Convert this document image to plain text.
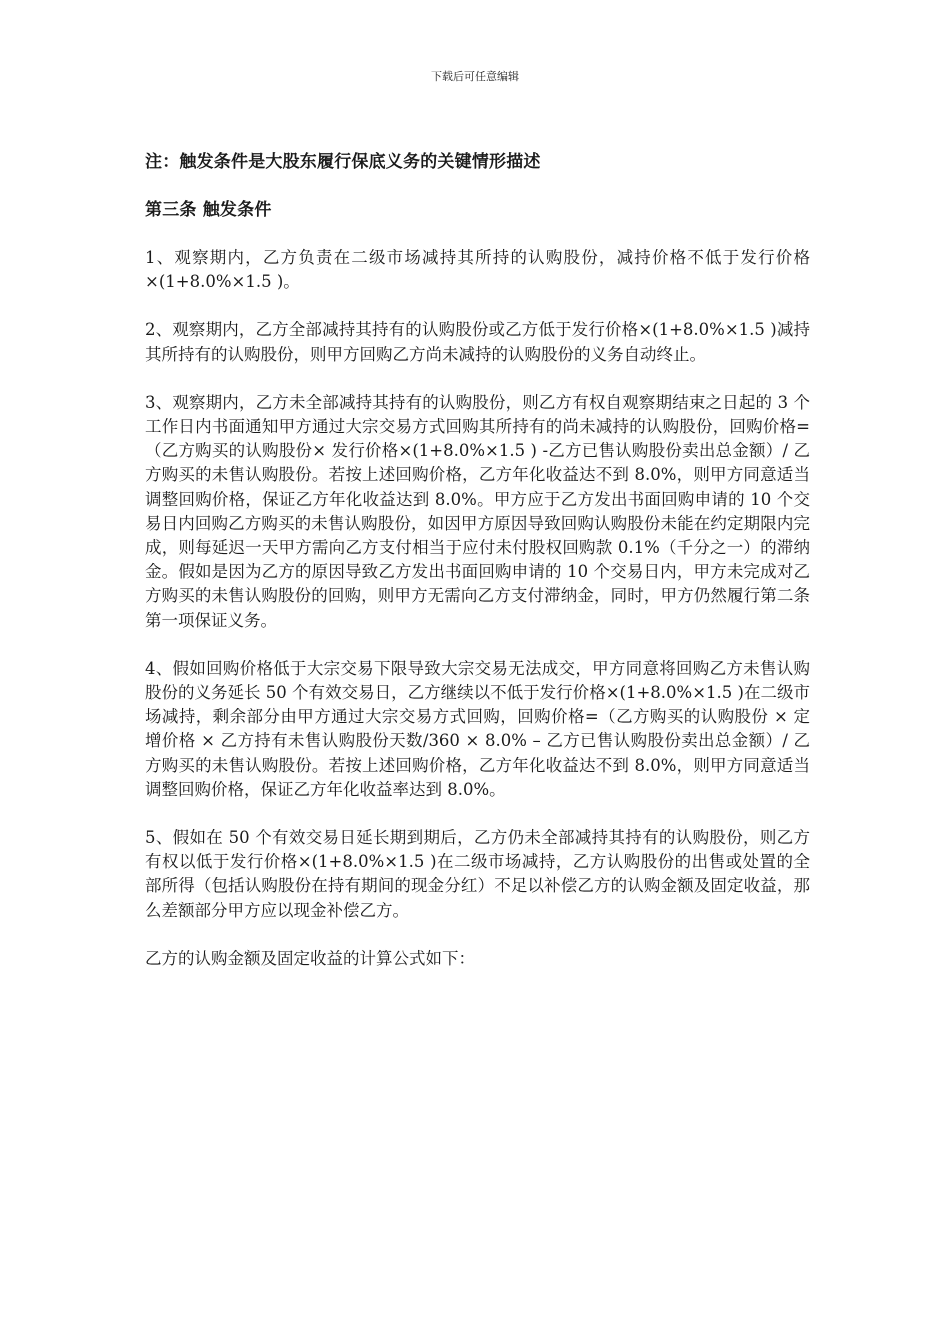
下载后可任意编辑
注：触发条件是大股东履行保底义务的关键情形描述
第三条 触发条件

1、观察期内，乙方负责在二级市场减持其所持的认购股份，减持价格不低于发行价格×(1+8.0%×1.5 )。

2、观察期内，乙方全部减持其持有的认购股份或乙方低于发行价格×(1+8.0%×1.5 )减持其所持有的认购股份，则甲方回购乙方尚未减持的认购股份的义务自动终止。

3、观察期内，乙方未全部减持其持有的认购股份，则乙方有权自观察期结束之日起的 3 个工作日内书面通知甲方通过大宗交易方式回购其所持有的尚未减持的认购股份，回购价格=（乙方购买的认购股份× 发行价格×(1+8.0%×1.5 ) -乙方已售认购股份卖出总金额）/ 乙方购买的未售认购股份。若按上述回购价格，乙方年化收益达不到 8.0%，则甲方同意适当调整回购价格，保证乙方年化收益达到 8.0%。甲方应于乙方发出书面回购申请的 10 个交易日内回购乙方购买的未售认购股份，如因甲方原因导致回购认购股份未能在约定期限内完成，则每延迟一天甲方需向乙方支付相当于应付未付股权回购款 0.1%（千分之一）的滞纳金。假如是因为乙方的原因导致乙方发出书面回购申请的 10 个交易日内，甲方未完成对乙方购买的未售认购股份的回购，则甲方无需向乙方支付滞纳金，同时，甲方仍然履行第二条第一项保证义务。

4、假如回购价格低于大宗交易下限导致大宗交易无法成交，甲方同意将回购乙方未售认购股份的义务延长 50 个有效交易日，乙方继续以不低于发行价格×(1+8.0%×1.5 )在二级市场减持，剩余部分由甲方通过大宗交易方式回购，回购价格=（乙方购买的认购股份 × 定增价格 × 乙方持有未售认购股份天数/360 × 8.0% – 乙方已售认购股份卖出总金额）/ 乙方购买的未售认购股份。若按上述回购价格，乙方年化收益达不到 8.0%，则甲方同意适当调整回购价格，保证乙方年化收益率达到 8.0%。

5、假如在 50 个有效交易日延长期到期后，乙方仍未全部减持其持有的认购股份，则乙方有权以低于发行价格×(1+8.0%×1.5 )在二级市场减持，乙方认购股份的出售或处置的全部所得（包括认购股份在持有期间的现金分红）不足以补偿乙方的认购金额及固定收益，那么差额部分甲方应以现金补偿乙方。

乙方的认购金额及固定收益的计算公式如下：
